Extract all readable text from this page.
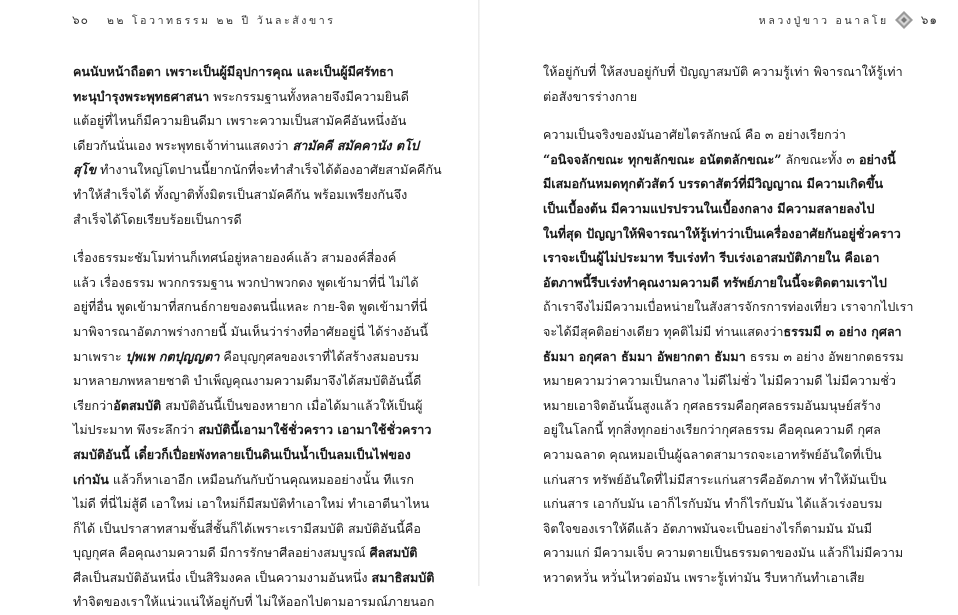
๖๐ ๒๒ โอวาทธรรม ๒๒ ปี วันละสังขาร
คนนับหน้าถือตา เพราะเป็นผู้มีอุปการคุณ และเป็นผู้มีศรัทธา
ทะนุบำรุงพระพุทธศาสนา พระกรรมฐานทั้งหลายจึงมีความยินดี
แต้อยู่ที่ไหนก็มีความยินดีมา เพราะความเป็นสามัคคีอันหนึ่งอัน
เดียวกันนั่นเอง พระพุทธเจ้าท่านแสดงว่า สามัคคี สมัคคานัง ตโป
สุโข ทำงานใหญ่โตปานนี้ยากนักที่จะทำสำเร็จได้ต้องอาศัยสามัคคีกัน
ทำให้สำเร็จได้ ทั้งญาติทั้งมิตรเป็นสามัคคีกัน พร้อมเพรียงกันจึง
สำเร็จได้โดยเรียบร้อยเป็นการดี
เรื่องธรรมะชัมโมท่านก็เทศน์อยู่หลายองค์แล้ว สามองค์สี่องค์
แล้ว เรื่องธรรม พวกกรรมฐาน พวกป่าพวกดง พูดเข้ามาที่นี่ ไม่ได้
อยู่ที่อื่น พูดเข้ามาที่สกนธ์กายของตนนี่แหละ กาย-จิต พูดเข้ามาที่นี่
มาพิจารณาอัตภาพร่างกายนี้ มันเห็นว่าร่างที่อาศัยอยู่นี่ ได้ร่างอันนี้
มาเพราะ ปุพเพ กตปุญญตา คือบุญกุศลของเราที่ได้สร้างสมอบรม
มาหลายภพหลายชาติ บำเพ็ญคุณงามความดีมาจึงได้สมบัติอันนี้ดี
เรียกว่าอัตสมบัติ สมบัติอันนี้เป็นของหายาก เมื่อได้มาแล้วให้เป็นผู้
ไม่ประมาท พึงระลึกว่า สมบัตินี้เอามาใช้ชั่วคราว เอามาใช้ชั่วคราว
สมบัติอันนี้ เดี๋ยวก็เปื่อยพังทลายเป็นดินเป็นน้ำเป็นลมเป็นไฟของ
เก่ามัน แล้วก็หาเอาอีก เหมือนกันกับบ้านคุณหมออย่างนั้น ทีแรก
ไม่ดี ที่นี่ไม่สู้ดี เอาใหม่ เอาใหม่ก็มีสมบัติทำเอาใหม่ ทำเอาตีนาไหน
ก็ได้ เป็นปราสาทสามชั้นสี่ชั้นก็ได้เพราะเรามีสมบัติ สมบัติอันนี้คือ
บุญกุศล คือคุณงามความดี มีการรักษาศีลอย่างสมบูรณ์ ศีลสมบัติ
ศีลเป็นสมบัติอันหนึ่ง เป็นสิริมงคล เป็นความงามอันหนึ่ง สมาธิสมบัติ
ทำจิตของเราให้แน่วแน่ให้อยู่กับที่ ไม่ให้ออกไปตามอารมณ์ภายนอก
หลวงปู่ขาว อนาลโย	๖๑
ให้อยู่กับที่ ให้สงบอยู่กับที่ ปัญญาสมบัติ ความรู้เท่า พิจารณาให้รู้เท่า
ต่อสังขารร่างกาย
ความเป็นจริงของมันอาศัยไตรลักษณ์ คือ ๓ อย่างเรียกว่า
“อนิจจลักขณะ ทุกขลักขณะ อนัตตลักขณะ” ลักขณะทั้ง ๓ อย่างนี้
มีเสมอกันหมดทุกตัวสัตว์ บรรดาสัตว์ที่มีวิญญาณ มีความเกิดขึ้น
เป็นเบื้องต้น มีความแปรปรวนในเบื้องกลาง มีความสลายลงไป
ในที่สุด ปัญญาให้พิจารณาให้รู้เท่าว่าเป็นเครื่องอาศัยกันอยู่ชั่วคราว
เราจะเป็นผู้ไม่ประมาท รีบเร่งทำ รีบเร่งเอาสมบัติภายใน คือเอา
อัตภาพนี้รีบเร่งทำคุณงามความดี ทรัพย์ภายในนี้จะติดตามเราไป
ถ้าเราจึงไม่มีความเบื่อหน่ายในสังสารจักรการท่องเที่ยว เราจากไปเรา
จะได้มีสุคติอย่างเดียว ทุคติไม่มี ท่านแสดงว่าธรรมมี ๓ อย่าง กุศลา
ธัมมา อกุศลา ธัมมา อัพยากตา ธัมมา ธรรม ๓ อย่าง อัพยากตธรรม
หมายความว่าความเป็นกลาง ไม่ดีไม่ชั่ว ไม่มีความดี ไม่มีความชั่ว
หมายเอาจิตอันนั้นสูงแล้ว กุศลธรรมคือกุศลธรรมอันมนุษย์สร้าง
อยู่ในโลกนี้ ทุกสิ่งทุกอย่างเรียกว่ากุศลธรรม คือคุณความดี กุศล
ความฉลาด คุณหมอเป็นผู้ฉลาดสามารถจะเอาทรัพย์อันใดที่เป็น
แก่นสาร ทรัพย์อันใดที่ไม่มีสาระแก่นสารคืออัตภาพ ทำให้มันเป็น
แก่นสาร เอากับมัน เอาก็ไรกับมัน ทำก็ไรกับมัน ได้แล้วเร่งอบรม
จิตใจของเราให้ดีแล้ว อัตภาพมันจะเป็นอย่างไรก็ตามมัน มันมี
ความแก่ มีความเจ็บ ความตายเป็นธรรมดาของมัน แล้วก็ไม่มีความ
หวาดหวั่น หวั่นไหวต่อมัน เพราะรู้เท่ามัน รีบหากันทำเอาเสีย
